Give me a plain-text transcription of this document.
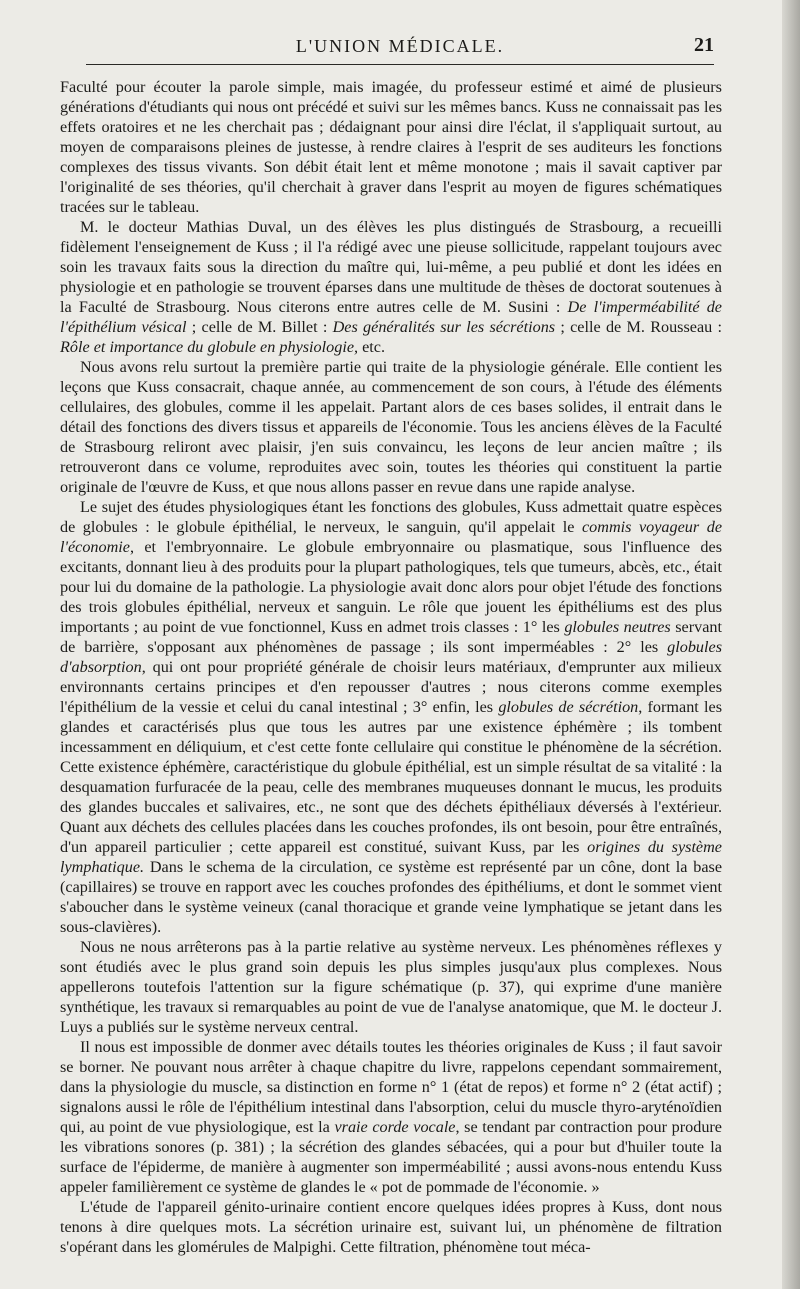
L'UNION MÉDICALE.	21

Faculté pour écouter la parole simple, mais imagée, du professeur estimé et aimé de plusieurs générations d'étudiants qui nous ont précédé et suivi sur les mêmes bancs. Kuss ne connaissait pas les effets oratoires et ne les cherchait pas ; dédaignant pour ainsi dire l'éclat, il s'appliquait surtout, au moyen de comparaisons pleines de justesse, à rendre claires à l'esprit de ses auditeurs les fonctions complexes des tissus vivants. Son débit était lent et même monotone ; mais il savait captiver par l'originalité de ses théories, qu'il cherchait à graver dans l'esprit au moyen de figures schématiques tracées sur le tableau.

M. le docteur Mathias Duval, un des élèves les plus distingués de Strasbourg, a recueilli fidèlement l'enseignement de Kuss ; il l'a rédigé avec une pieuse sollicitude, rappelant toujours avec soin les travaux faits sous la direction du maître qui, lui-même, a peu publié et dont les idées en physiologie et en pathologie se trouvent éparses dans une multitude de thèses de doctorat soutenues à la Faculté de Strasbourg. Nous citerons entre autres celle de M. Susini : De l'imperméabilité de l'épithélium vésical ; celle de M. Billet : Des généralités sur les sécrétions ; celle de M. Rousseau : Rôle et importance du globule en physiologie, etc.

Nous avons relu surtout la première partie qui traite de la physiologie générale. Elle contient les leçons que Kuss consacrait, chaque année, au commencement de son cours, à l'étude des éléments cellulaires, des globules, comme il les appelait. Partant alors de ces bases solides, il entrait dans le détail des fonctions des divers tissus et appareils de l'économie. Tous les anciens élèves de la Faculté de Strasbourg reliront avec plaisir, j'en suis convaincu, les leçons de leur ancien maître ; ils retrouveront dans ce volume, reproduites avec soin, toutes les théories qui constituent la partie originale de l'œuvre de Kuss, et que nous allons passer en revue dans une rapide analyse.

Le sujet des études physiologiques étant les fonctions des globules, Kuss admettait quatre espèces de globules : le globule épithélial, le nerveux, le sanguin, qu'il appelait le commis voyageur de l'économie, et l'embryonnaire. Le globule embryonnaire ou plasmatique, sous l'influence des excitants, donnant lieu à des produits pour la plupart pathologiques, tels que tumeurs, abcès, etc., était pour lui du domaine de la pathologie. La physiologie avait donc alors pour objet l'étude des fonctions des trois globules épithélial, nerveux et sanguin. Le rôle que jouent les épithéliums est des plus importants ; au point de vue fonctionnel, Kuss en admet trois classes : 1° les globules neutres servant de barrière, s'opposant aux phénomènes de passage ; ils sont imperméables : 2° les globules d'absorption, qui ont pour propriété générale de choisir leurs matériaux, d'emprunter aux milieux environnants certains principes et d'en repousser d'autres ; nous citerons comme exemples l'épithélium de la vessie et celui du canal intestinal ; 3° enfin, les globules de sécrétion, formant les glandes et caractérisés plus que tous les autres par une existence éphémère ; ils tombent incessamment en déliquium, et c'est cette fonte cellulaire qui constitue le phénomène de la sécrétion. Cette existence éphémère, caractéristique du globule épithélial, est un simple résultat de sa vitalité : la desquamation furfuracée de la peau, celle des membranes muqueuses donnant le mucus, les produits des glandes buccales et salivaires, etc., ne sont que des déchets épithéliaux déversés à l'extérieur. Quant aux déchets des cellules placées dans les couches profondes, ils ont besoin, pour être entraînés, d'un appareil particulier ; cette appareil est constitué, suivant Kuss, par les origines du système lymphatique. Dans le schema de la circulation, ce système est représenté par un cône, dont la base (capillaires) se trouve en rapport avec les couches profondes des épithéliums, et dont le sommet vient s'aboucher dans le système veineux (canal thoracique et grande veine lymphatique se jetant dans les sous-clavières).

Nous ne nous arrêterons pas à la partie relative au système nerveux. Les phénomènes réflexes y sont étudiés avec le plus grand soin depuis les plus simples jusqu'aux plus complexes. Nous appellerons toutefois l'attention sur la figure schématique (p. 37), qui exprime d'une manière synthétique, les travaux si remarquables au point de vue de l'analyse anatomique, que M. le docteur J. Luys a publiés sur le système nerveux central.

Il nous est impossible de donmer avec détails toutes les théories originales de Kuss ; il faut savoir se borner. Ne pouvant nous arrêter à chaque chapitre du livre, rappelons cependant sommairement, dans la physiologie du muscle, sa distinction en forme n° 1 (état de repos) et forme n° 2 (état actif) ; signalons aussi le rôle de l'épithélium intestinal dans l'absorption, celui du muscle thyro-aryténoïdien qui, au point de vue physiologique, est la vraie corde vocale, se tendant par contraction pour produre les vibrations sonores (p. 381) ; la sécrétion des glandes sébacées, qui a pour but d'huiler toute la surface de l'épiderme, de manière à augmenter son imperméabilité ; aussi avons-nous entendu Kuss appeler familièrement ce système de glandes le « pot de pommade de l'économie. »

L'étude de l'appareil génito-urinaire contient encore quelques idées propres à Kuss, dont nous tenons à dire quelques mots. La sécrétion urinaire est, suivant lui, un phénomène de filtration s'opérant dans les glomérules de Malpighi. Cette filtration, phénomène tout méca-
